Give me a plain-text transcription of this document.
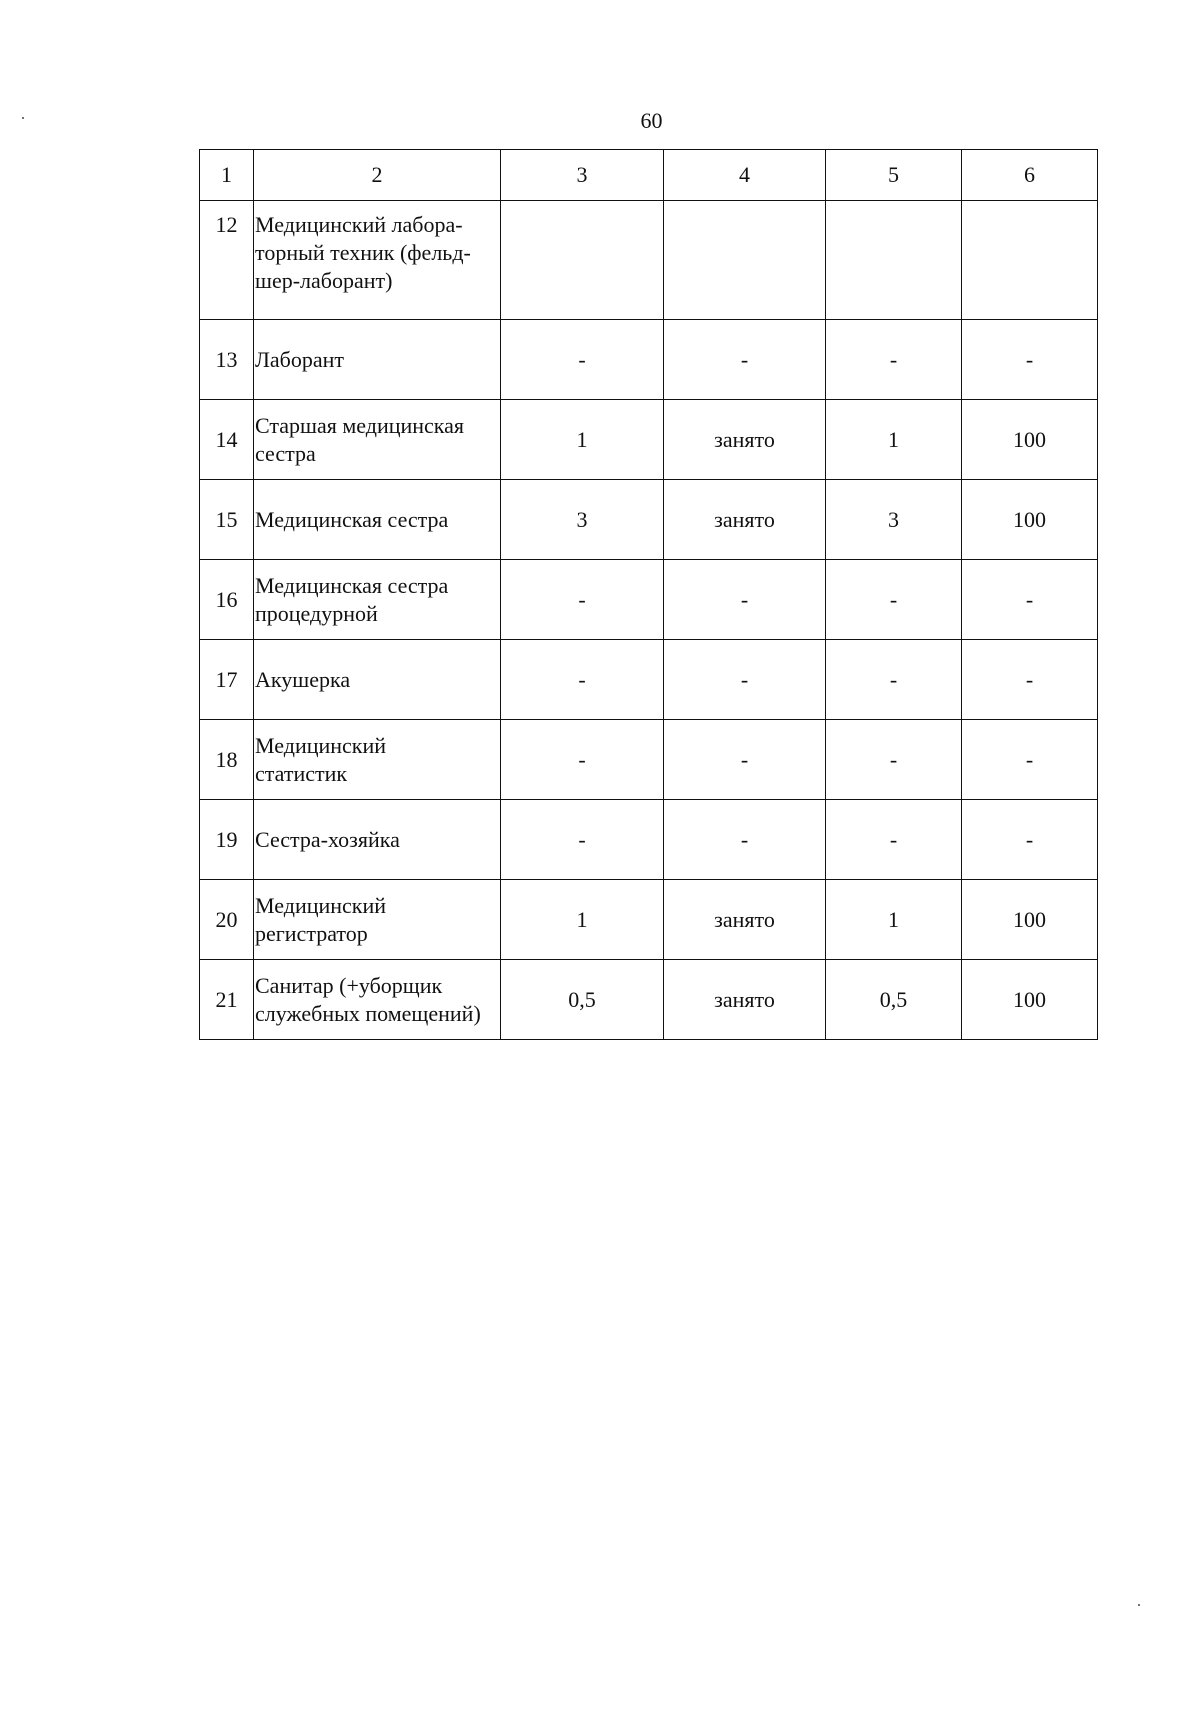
60
1	2	3	4	5	6
12	Медицинский лабора-
торный техник (фельд-
шер-лаборант)				
13	Лаборант	-	-	-	-
14	Старшая медицинская
сестра	1	занято	1	100
15	Медицинская сестра	3	занято	3	100
16	Медицинская сестра
процедурной	-	-	-	-
17	Акушерка	-	-	-	-
18	Медицинский
статистик	-	-	-	-
19	Сестра-хозяйка	-	-	-	-
20	Медицинский
регистратор	1	занято	1	100
21	Санитар (+уборщик
служебных помещений)	0,5	занято	0,5	100
